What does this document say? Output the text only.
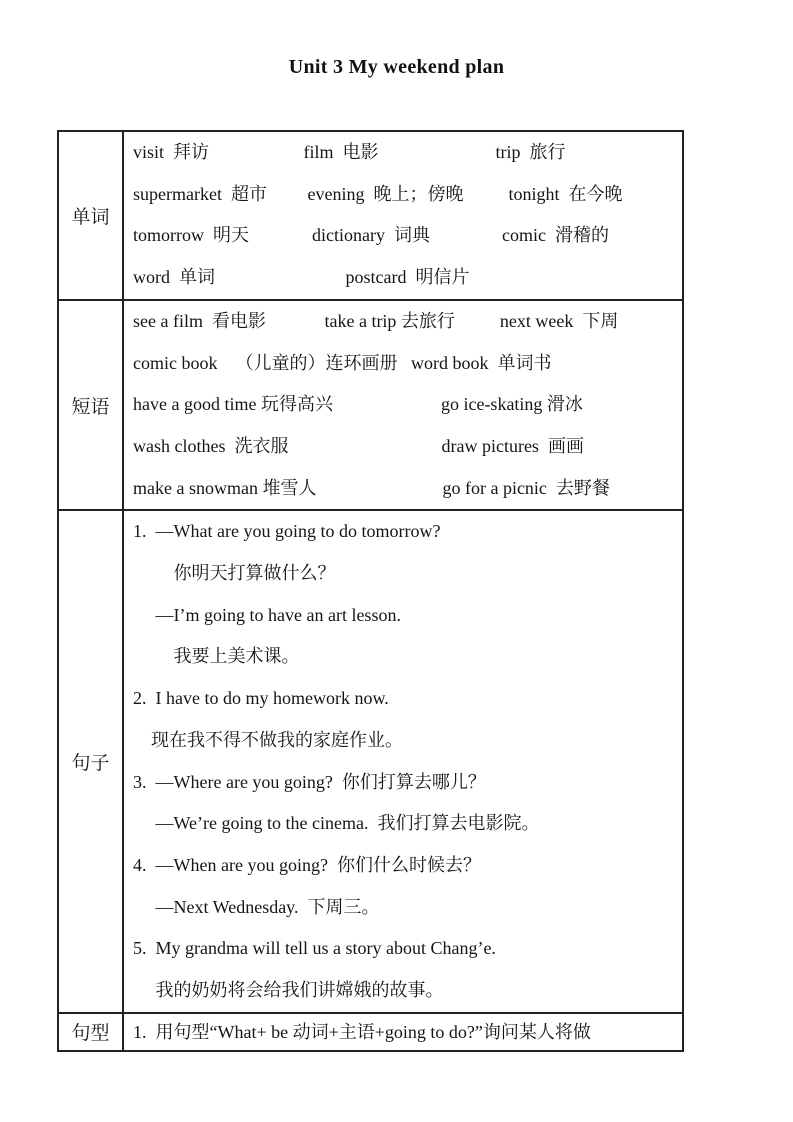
Unit 3 My weekend plan
单词
visit  拜访                     film  电影                          trip  旅行
supermarket  超市         evening  晚上；傍晚          tonight  在今晚
tomorrow  明天              dictionary  词典                comic  滑稽的
word  单词                             postcard  明信片
短语
see a film  看电影             take a trip 去旅行          next week  下周
comic book    （儿童的）连环画册   word book  单词书
have a good time 玩得高兴                        go ice-skating 滑冰
wash clothes  洗衣服                                  draw pictures  画画
make a snowman 堆雪人                            go for a picnic  去野餐
句子
1.  —What are you going to do tomorrow?
你明天打算做什么？
—I’m going to have an art lesson.
我要上美术课。
2.  I have to do my homework now.
现在我不得不做我的家庭作业。
3.  —Where are you going?  你们打算去哪儿？
—We’re going to the cinema.  我们打算去电影院。
4.  —When are you going?  你们什么时候去？
—Next Wednesday.  下周三。
5.  My grandma will tell us a story about Chang’e.
我的奶奶将会给我们讲嫦娥的故事。
句型	1.  用句型“What+ be 动词+主语+going to do?”询问某人将做
